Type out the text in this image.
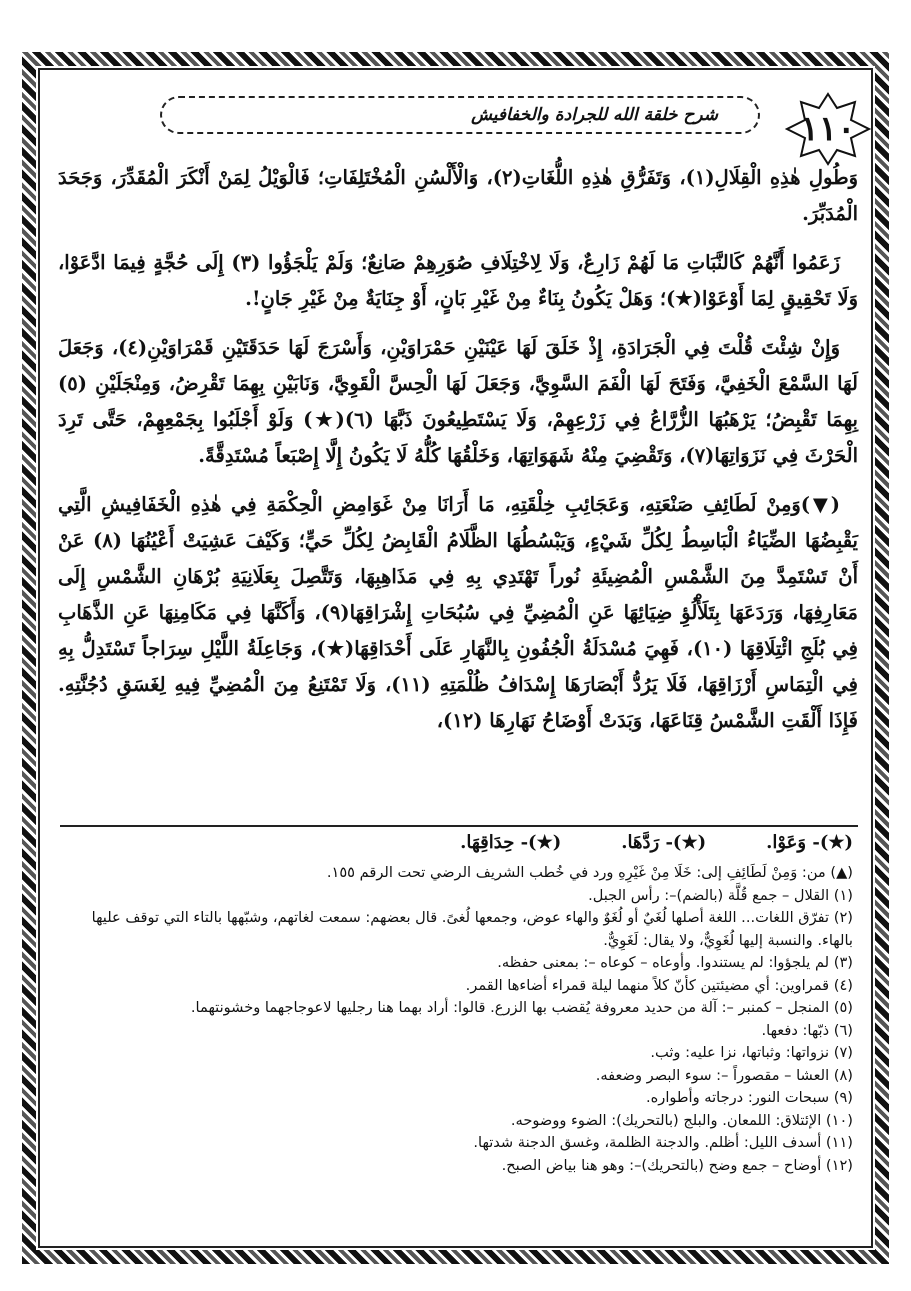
١١٠
شرح خلقة الله للجرادة والخفافيش

وَطُولِ هٰذِهِ الْقِلَالِ(١)، وَتَفَرُّقِ هٰذِهِ اللُّغَاتِ(٢)، وَالْأَلْسُنِ الْمُخْتَلِفَاتِ؛ فَالْوَيْلُ لِمَنْ أَنْكَرَ الْمُقَدِّرَ، وَجَحَدَ الْمُدَبِّرَ.

زَعَمُوا أَنَّهُمْ كَالنَّبَاتِ مَا لَهُمْ زَارِعٌ، وَلَا لِاخْتِلَافِ صُوَرِهِمْ صَانِعٌ؛ وَلَمْ يَلْجَؤُوا (٣) إِلَى حُجَّةٍ فِيمَا ادَّعَوْا، وَلَا تَحْقِيقٍ لِمَا أَوْعَوْا(★)؛ وَهَلْ يَكُونُ بِنَاءٌ مِنْ غَيْرِ بَانٍ، أَوْ جِنَايَةٌ مِنْ غَيْرِ جَانٍ!.

وَإِنْ شِئْتَ قُلْتَ فِي الْجَرَادَةِ، إِذْ خَلَقَ لَهَا عَيْنَيْنِ حَمْرَاوَيْنِ، وَأَسْرَجَ لَهَا حَدَقَتَيْنِ قَمْرَاوَيْنِ(٤)، وَجَعَلَ لَهَا السَّمْعَ الْخَفِيَّ، وَفَتَحَ لَهَا الْفَمَ السَّوِيَّ، وَجَعَلَ لَهَا الْحِسَّ الْقَوِيَّ، وَنَابَيْنِ بِهِمَا تَقْرِضُ، وَمِنْجَلَيْنِ (٥) بِهِمَا تَقْبِضُ؛ يَرْهَبُهَا الزُّرَّاعُ فِي زَرْعِهِمْ، وَلَا يَسْتَطِيعُونَ ذَبَّهَا (٦)(★) وَلَوْ أَجْلَبُوا بِجَمْعِهِمْ، حَتَّى تَرِدَ الْحَرْثَ فِي نَزَوَاتِهَا(٧)، وَتَقْضِيَ مِنْهُ شَهَوَاتِهَا، وَخَلْقُهَا كُلُّهُ لَا يَكُونُ إِلَّا إِصْبَعاً مُسْتَدِقَّةً.

(▼)وَمِنْ لَطَائِفِ صَنْعَتِهِ، وَعَجَائِبِ خِلْقَتِهِ، مَا أَرَانَا مِنْ غَوَامِضِ الْحِكْمَةِ فِي هٰذِهِ الْخَفَافِيشِ الَّتِي يَقْبِضُهَا الضِّيَاءُ الْبَاسِطُ لِكُلِّ شَيْءٍ، وَيَبْسُطُهَا الظَّلَامُ الْقَابِضُ لِكُلِّ حَيٍّ؛ وَكَيْفَ عَشِيَتْ أَعْيُنُهَا (٨) عَنْ أَنْ تَسْتَمِدَّ مِنَ الشَّمْسِ الْمُضِيئَةِ نُوراً تَهْتَدِي بِهِ فِي مَذَاهِبِهَا، وَتَتَّصِلَ بِعَلَانِيَةِ بُرْهَانِ الشَّمْسِ إِلَى مَعَارِفِهَا، وَرَدَعَهَا بِتَلَأْلُؤِ ضِيَائِهَا عَنِ الْمُضِيِّ فِي سُبُحَاتِ إِشْرَاقِهَا(٩)، وَأَكَنَّهَا فِي مَكَامِنِهَا عَنِ الذَّهَابِ فِي بُلَجِ ائْتِلَاقِهَا (١٠)، فَهِيَ مُسْدَلَةُ الْجُفُونِ بِالنَّهَارِ عَلَى أَحْدَاقِهَا(★)، وَجَاعِلَةُ اللَّيْلِ سِرَاجاً تَسْتَدِلُّ بِهِ فِي الْتِمَاسِ أَرْزَاقِهَا، فَلَا يَرُدُّ أَبْصَارَهَا إِسْدَافُ ظُلْمَتِهِ (١١)، وَلَا تَمْتَنِعُ مِنَ الْمُضِيِّ فِيهِ لِغَسَقِ دُجُنَّتِهِ. فَإِذَا أَلْقَتِ الشَّمْسُ قِنَاعَهَا، وَبَدَتْ أَوْضَاحُ نَهَارِهَا (١٢)،

(★)- وَعَوْا.
(★)- رَدَّهَا.
(★)- حِدَاقِهَا.
(▲) من: وَمِنْ لَطَائِفِ إلى: خَلَا مِنْ غَيْرِهِ ورد في خُطب الشريف الرضي تحت الرقم ١٥٥.
(١) القلال – جمع قُلَّة (بالضم)–: رأس الجبل.
(٢) تفرّق اللغات... اللغة أصلها لُغَيٌ أو لُغَوٌ والهاء عوض، وجمعها لُغىً. قال بعضهم: سمعت لغاتهم، وشبّهها بالتاء التي توقف عليها بالهاء. والنسبة إليها لُغَوِيٌّ، ولا يقال: لَغَوِيٌّ.
(٣) لم يلجؤوا: لم يستندوا. وأوعاه – كوعاه –: بمعنى حفظه.
(٤) قمراوين: أي مضيئتين كأنّ كلاً منهما ليلة قمراء أضاءها القمر.
(٥) المنجل – كمنبر –: آلة من حديد معروفة يُقضب بها الزرع. قالوا: أراد بهما هنا رجليها لاعوجاجهما وخشونتهما.
(٦) ذبّها: دفعها.
(٧) نزواتها: وثباتها، نزا عليه: وثب.
(٨) العشا – مقصوراً –: سوء البصر وضعفه.
(٩) سبحات النور: درجاته وأطواره.
(١٠) الإئتلاق: اللمعان. والبلج (بالتحريك): الضوء ووضوحه.
(١١) أسدف الليل: أظلم. والدجنة الظلمة، وغسق الدجنة شدتها.
(١٢) أوضاح – جمع وضح (بالتحريك)–: وهو هنا بياض الصبح.
